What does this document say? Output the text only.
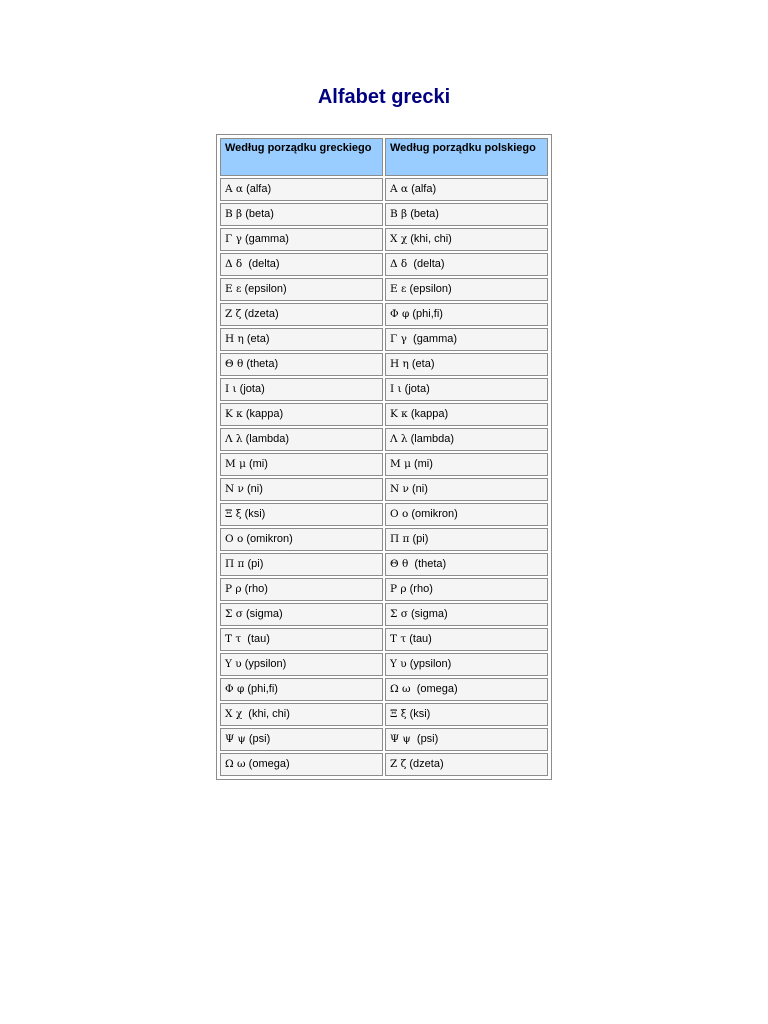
Alfabet grecki
Według porządku greckiego	Według porządku polskiego
Α α (alfa)	Α α (alfa)
Β β (beta)	Β β (beta)
Γ γ (gamma)	Χ χ (khi, chi)
Δ δ  (delta)	Δ δ  (delta)
Ε ε (epsilon)	Ε ε (epsilon)
Ζ ζ (dzeta)	Φ φ (phi,fi)
Η η (eta)	Γ γ  (gamma)
Θ θ (theta)	Η η (eta)
Ι ι (jota)	Ι ι (jota)
Κ κ (kappa)	Κ κ (kappa)
Λ λ (lambda)	Λ λ (lambda)
Μ μ (mi)	Μ μ (mi)
Ν ν (ni)	Ν ν (ni)
Ξ ξ (ksi)	Ο ο (omikron)
Ο ο (omikron)	Π π (pi)
Π π (pi)	Θ θ  (theta)
Ρ ρ (rho)	Ρ ρ (rho)
Σ σ (sigma)	Σ σ (sigma)
Τ τ  (tau)	Τ τ (tau)
Υ υ (ypsilon)	Υ υ (ypsilon)
Φ φ (phi,fi)	Ω ω  (omega)
Χ χ  (khi, chi)	Ξ ξ (ksi)
Ψ ψ (psi)	Ψ ψ  (psi)
Ω ω (omega)	Ζ ζ (dzeta)
